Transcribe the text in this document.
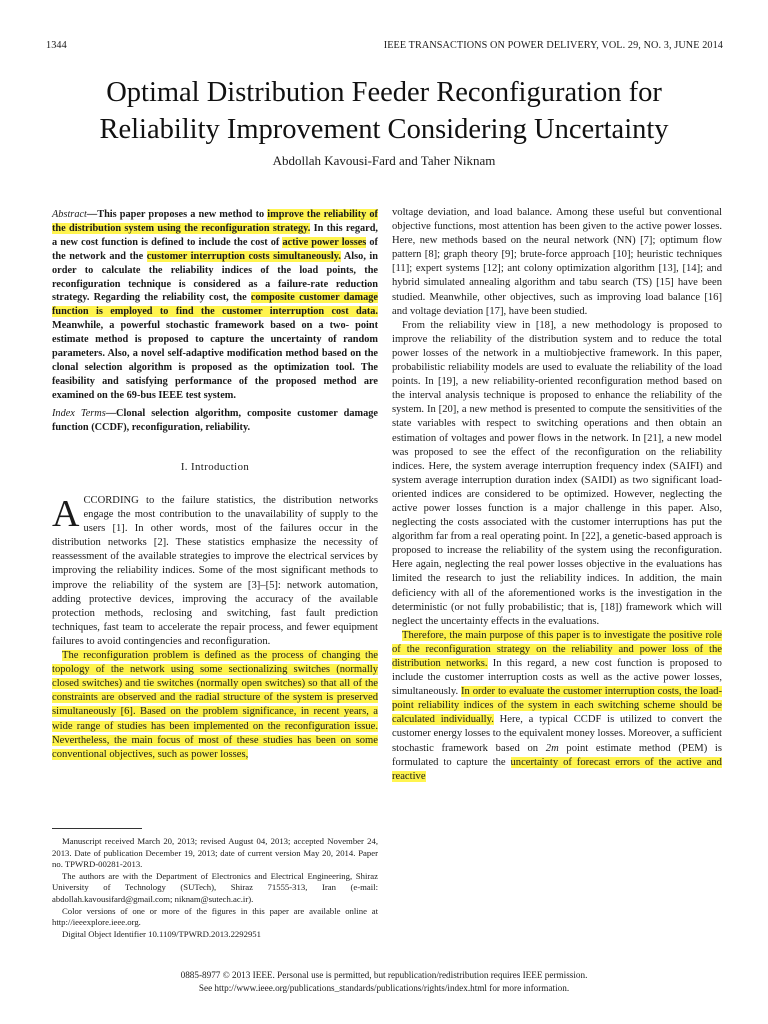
1344	IEEE TRANSACTIONS ON POWER DELIVERY, VOL. 29, NO. 3, JUNE 2014
Optimal Distribution Feeder Reconfiguration for
Reliability Improvement Considering Uncertainty
Abdollah Kavousi-Fard and Taher Niknam

Abstract—This paper proposes a new method to improve the reliability of the distribution system using the reconfiguration strategy. In this regard, a new cost function is defined to include the cost of active power losses of the network and the customer interruption costs simultaneously. Also, in order to calculate the reliability indices of the load points, the reconfiguration technique is considered as a failure-rate reduction strategy. Regarding the reliability cost, the composite customer damage function is employed to find the customer interruption cost data. Meanwhile, a powerful stochastic framework based on a two- point estimate method is proposed to capture the uncertainty of random parameters. Also, a novel self-adaptive modification method based on the clonal selection algorithm is proposed as the optimization tool. The feasibility and satisfying performance of the proposed method are examined on the 69-bus IEEE test system.

Index Terms—Clonal selection algorithm, composite customer damage function (CCDF), reconfiguration, reliability.

I. Introduction

ACCORDING to the failure statistics, the distribution networks engage the most contribution to the unavailability of supply to the users [1]. In other words, most of the failures occur in the distribution networks [2]. These statistics emphasize the necessity of reassessment of the available strategies to improve the electrical services by improving the reliability indices. Some of the most significant methods to improve the reliability of the system are [3]–[5]: network automation, adding protective devices, improving the accuracy of the available protection methods, reclosing and switching, fast fault prediction techniques, fast team to accelerate the repair process, and fewer equipment failures to avoid contingencies and reconfiguration.

The reconfiguration problem is defined as the process of changing the topology of the network using some sectionalizing switches (normally closed switches) and tie switches (normally open switches) so that all of the constraints are observed and the radial structure of the system is preserved simultaneously [6]. Based on the problem significance, in recent years, a wide range of studies has been implemented on the reconfiguration issue. Nevertheless, the main focus of most of these studies has been on some conventional objectives, such as power losses,

Manuscript received March 20, 2013; revised August 04, 2013; accepted November 24, 2013. Date of publication December 19, 2013; date of current version May 20, 2014. Paper no. TPWRD-00281-2013.

The authors are with the Department of Electronics and Electrical Engineering, Shiraz University of Technology (SUTech), Shiraz 71555-313, Iran (e-mail: abdollah.kavousifard@gmail.com; niknam@sutech.ac.ir).

Color versions of one or more of the figures in this paper are available online at http://ieeexplore.ieee.org.

Digital Object Identifier 10.1109/TPWRD.2013.2292951

voltage deviation, and load balance. Among these useful but conventional objective functions, most attention has been given to the active power losses. Here, new methods based on the neural network (NN) [7]; optimum flow pattern [8]; graph theory [9]; brute-force approach [10]; heuristic techniques [11]; expert systems [12]; ant colony optimization algorithm [13], [14]; and hybrid simulated annealing algorithm and tabu search (TS) [15] have been studied. Meanwhile, other objectives, such as improving load balance [16] and voltage deviation [17], have been studied.

From the reliability view in [18], a new methodology is proposed to improve the reliability of the distribution system and to reduce the total power losses of the network in a multiobjective framework. In this paper, probabilistic reliability models are used to evaluate the reliability of the load points. In [19], a new reliability-oriented reconfiguration method based on the interval analysis technique is proposed to enhance the reliability of the system. In [20], a new method is presented to compute the sensitivities of the state variables with respect to switching operations and then obtain an estimation of voltages and power flows in the network. In [21], a new model was proposed to see the effect of the reconfiguration on the reliability indices. Here, the system average interruption frequency index (SAIFI) and system average interruption duration index (SAIDI) as two significant load-oriented indices are considered to be optimized. However, neglecting the active power losses function is a major challenge in this paper. Also, neglecting the costs associated with the customer interruptions has put the algorithm far from a real operating point. In [22], a genetic-based approach is proposed to increase the reliability of the system using the reconfiguration. Here again, neglecting the real power losses objective in the evaluations has limited the research to just the reliability indices. In addition, the main deficiency with all of the aforementioned works is the investigation in the deterministic (or not fully probabilistic; that is, [18]) framework which will neglect the uncertainty effects in the evaluations.

Therefore, the main purpose of this paper is to investigate the positive role of the reconfiguration strategy on the reliability and power loss of the distribution networks. In this regard, a new cost function is proposed to include the customer interruption costs as well as the active power losses, simultaneously. In order to evaluate the customer interruption costs, the load-point reliability indices of the system in each switching scheme should be calculated individually. Here, a typical CCDF is utilized to convert the customer energy losses to the equivalent money losses. Moreover, a sufficient stochastic framework based on 2m point estimate method (PEM) is formulated to capture the uncertainty of forecast errors of the active and reactive

0885-8977 © 2013 IEEE. Personal use is permitted, but republication/redistribution requires IEEE permission.
See http://www.ieee.org/publications_standards/publications/rights/index.html for more information.
